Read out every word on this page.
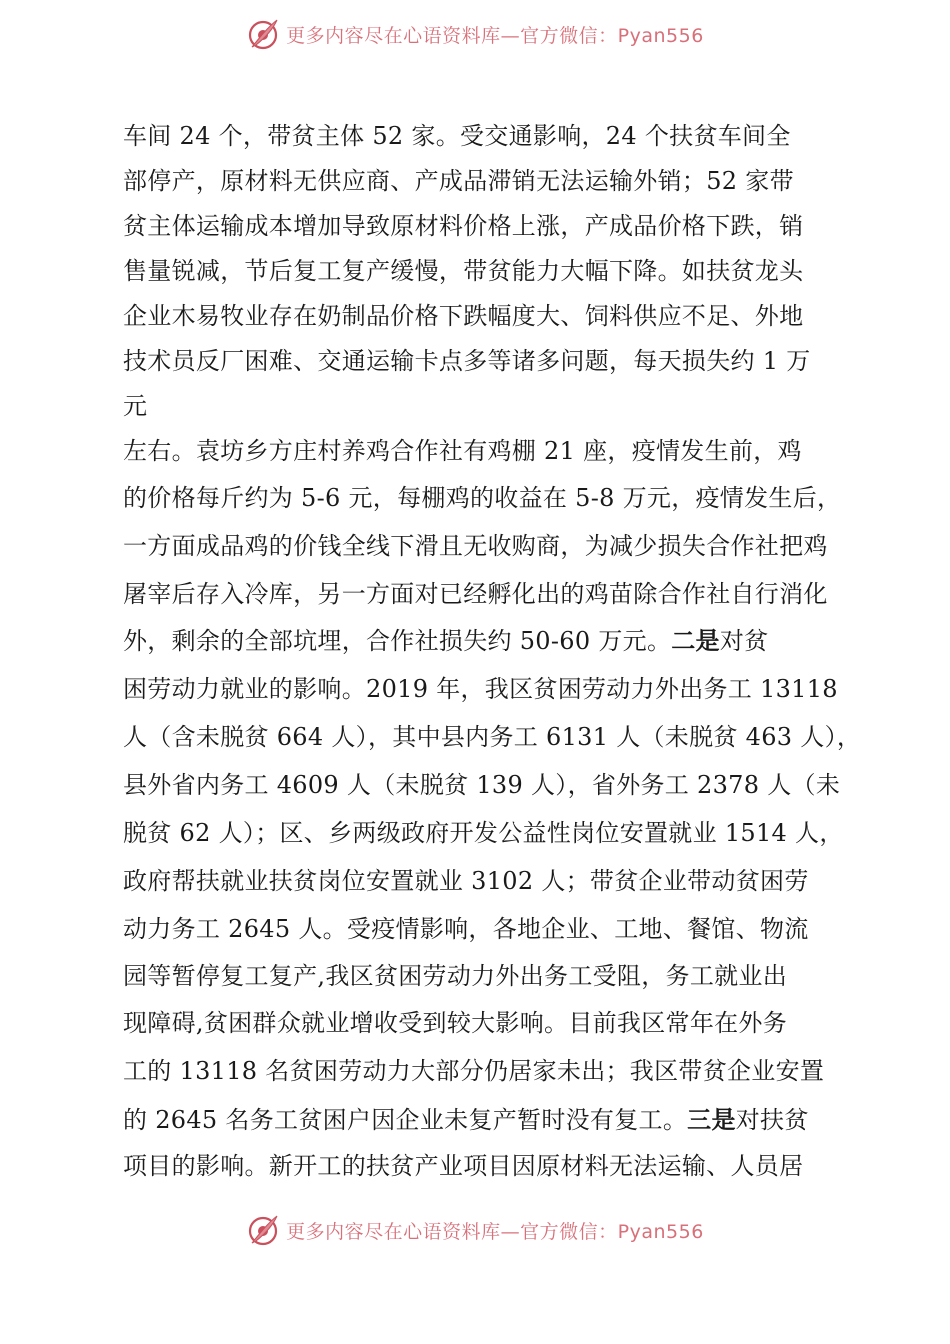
更多内容尽在心语资料库—官方微信：Pyan556
车间 24 个，带贫主体 52 家。受交通影响，24 个扶贫车间全
部停产，原材料无供应商、产成品滞销无法运输外销；52 家带
贫主体运输成本增加导致原材料价格上涨，产成品价格下跌，销
售量锐减，节后复工复产缓慢，带贫能力大幅下降。如扶贫龙头
企业木易牧业存在奶制品价格下跌幅度大、饲料供应不足、外地
技术员反厂困难、交通运输卡点多等诸多问题，每天损失约 1 万
元
左右。袁坊乡方庄村养鸡合作社有鸡棚 21 座，疫情发生前，鸡
的价格每斤约为 5-6 元，每棚鸡的收益在 5-8 万元，疫情发生后，
一方面成品鸡的价钱全线下滑且无收购商，为减少损失合作社把鸡
屠宰后存入冷库，另一方面对已经孵化出的鸡苗除合作社自行消化
外，剩余的全部坑埋，合作社损失约 50-60 万元。二是对贫
困劳动力就业的影响。2019 年，我区贫困劳动力外出务工 13118
人（含未脱贫 664 人），其中县内务工 6131 人（未脱贫 463 人），
县外省内务工 4609 人（未脱贫 139 人），省外务工 2378 人（未
脱贫 62 人）；区、乡两级政府开发公益性岗位安置就业 1514 人，
政府帮扶就业扶贫岗位安置就业 3102 人；带贫企业带动贫困劳
动力务工 2645 人。受疫情影响，各地企业、工地、餐馆、物流
园等暂停复工复产,我区贫困劳动力外出务工受阻，务工就业出
现障碍,贫困群众就业增收受到较大影响。目前我区常年在外务
工的 13118 名贫困劳动力大部分仍居家未出；我区带贫企业安置
的 2645 名务工贫困户因企业未复产暂时没有复工。三是对扶贫
项目的影响。新开工的扶贫产业项目因原材料无法运输、人员居
更多内容尽在心语资料库—官方微信：Pyan556
